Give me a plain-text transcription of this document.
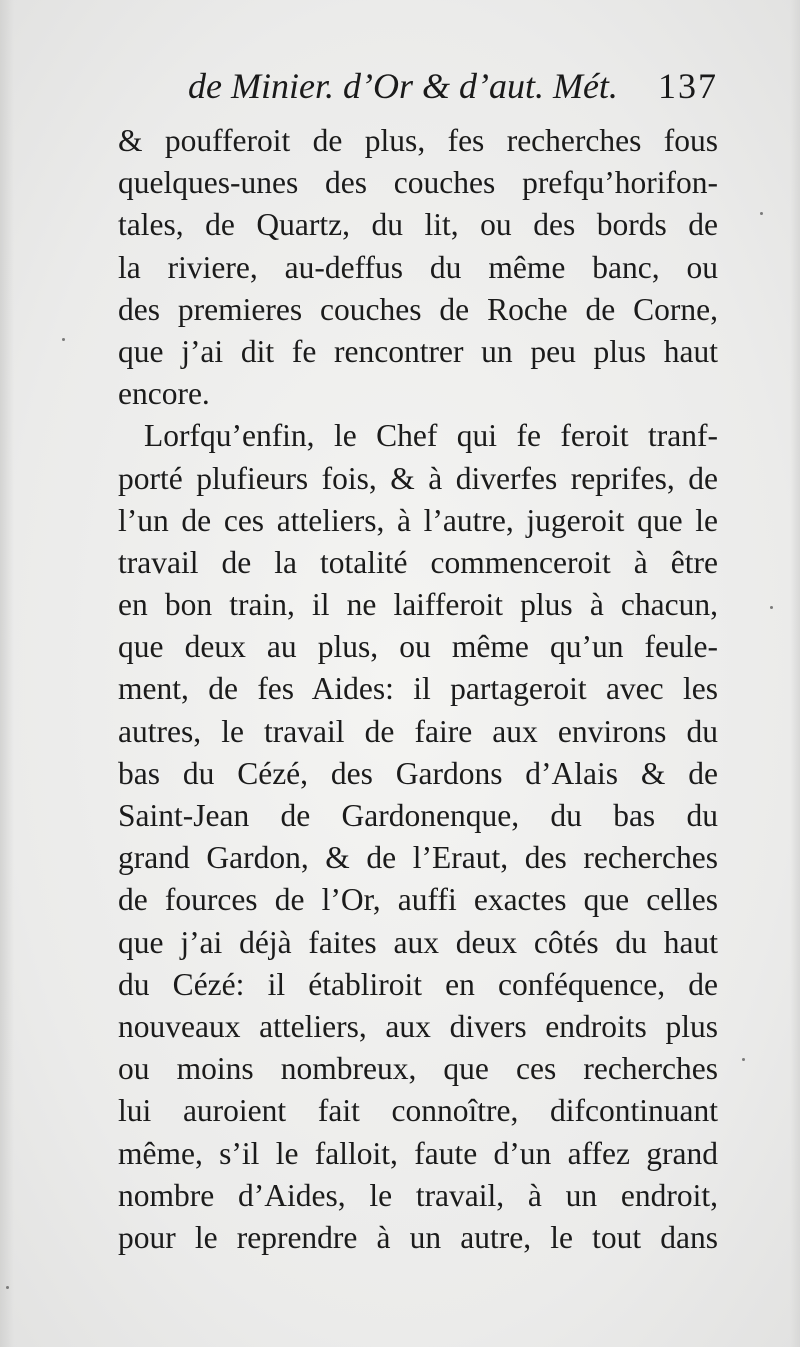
de Minier. d’Or & d’aut. Mét. 137
& poufferoit de plus, fes recherches fous
quelques-unes des couches prefqu’horifon-
tales, de Quartz, du lit, ou des bords de
la riviere, au-deffus du même banc, ou
des premieres couches de Roche de Corne,
que j’ai dit fe rencontrer un peu plus haut
encore.
Lorfqu’enfin, le Chef qui fe feroit tranf-
porté plufieurs fois, & à diverfes reprifes, de
l’un de ces atteliers, à l’autre, jugeroit que le
travail de la totalité commenceroit à être
en bon train, il ne laifferoit plus à chacun,
que deux au plus, ou même qu’un feule-
ment, de fes Aides: il partageroit avec les
autres, le travail de faire aux environs du
bas du Cézé, des Gardons d’Alais & de
Saint-Jean de Gardonenque, du bas du
grand Gardon, & de l’Eraut, des recherches
de fources de l’Or, auffi exactes que celles
que j’ai déjà faites aux deux côtés du haut
du Cézé: il établiroit en conféquence, de
nouveaux atteliers, aux divers endroits plus
ou moins nombreux, que ces recherches
lui auroient fait connoître, difcontinuant
même, s’il le falloit, faute d’un affez grand
nombre d’Aides, le travail, à un endroit,
pour le reprendre à un autre, le tout dans
